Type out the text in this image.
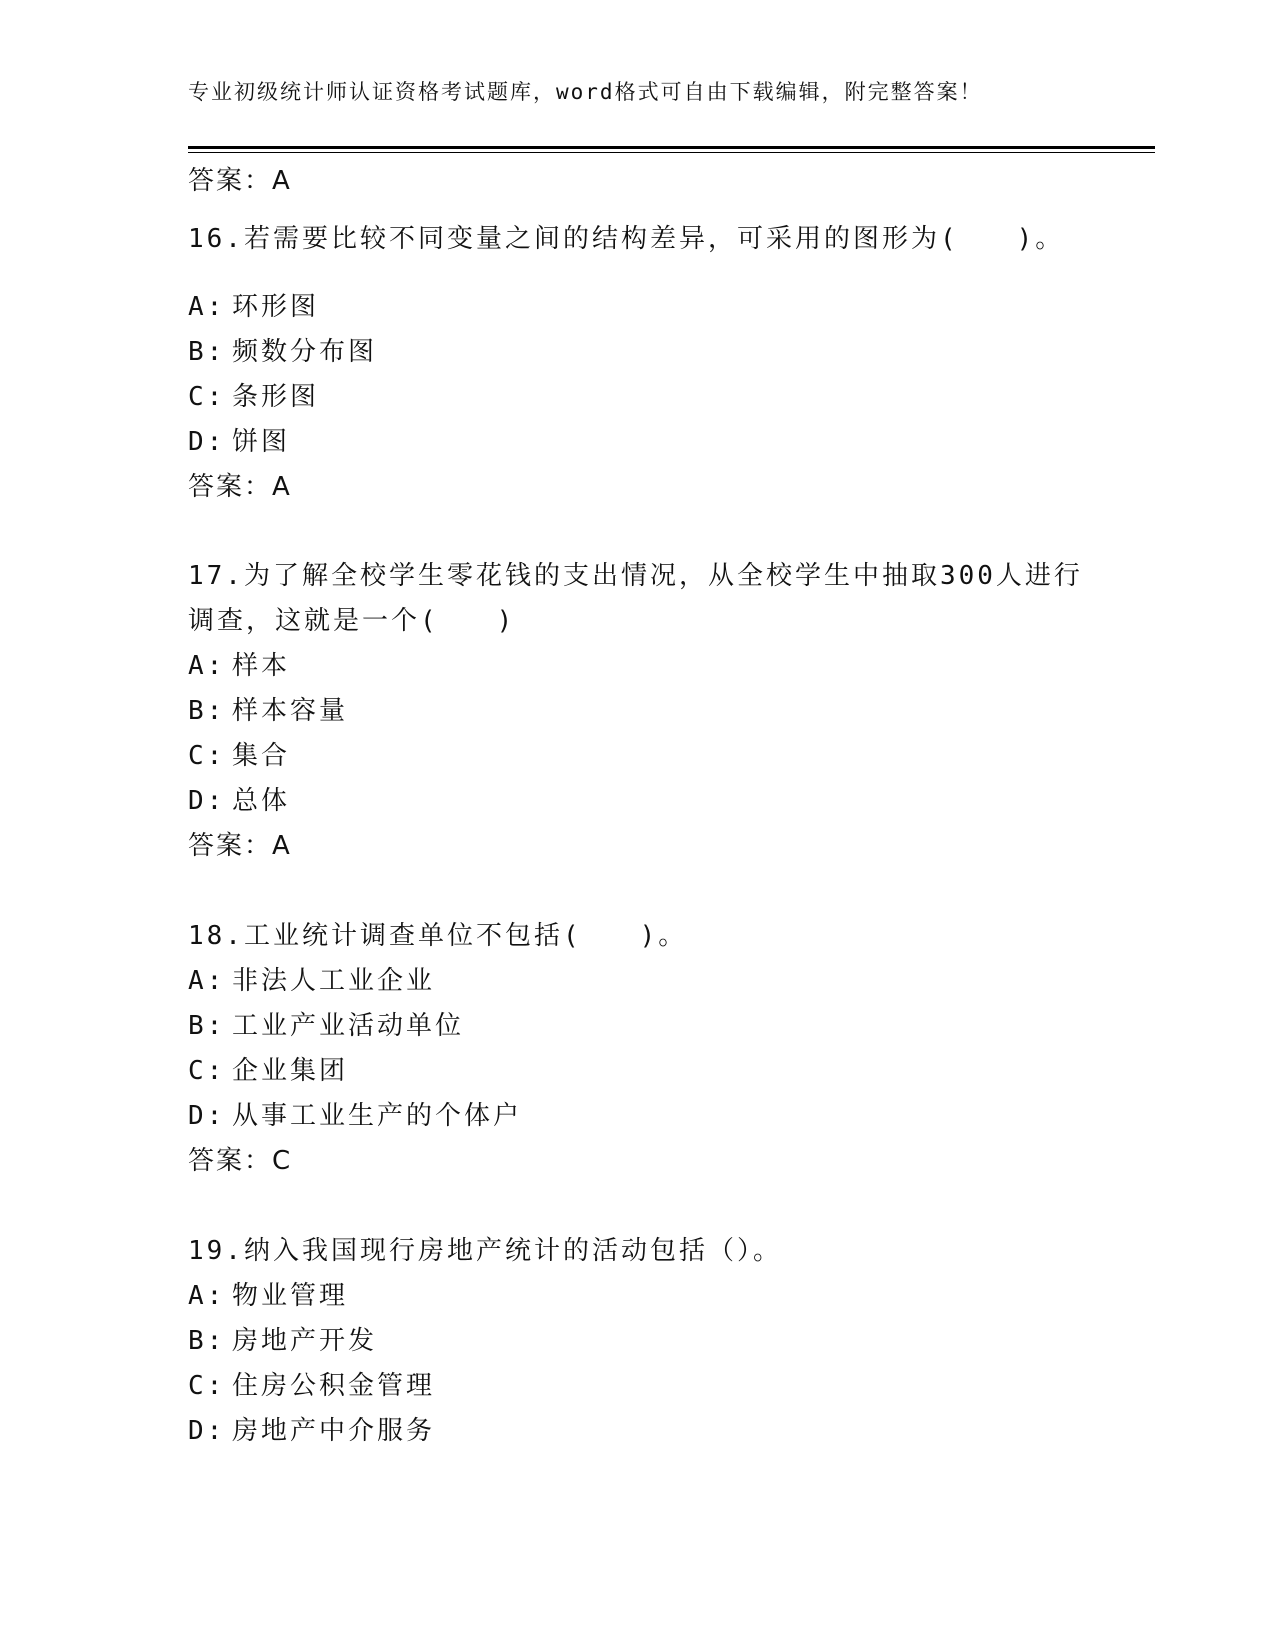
专业初级统计师认证资格考试题库，word格式可自由下载编辑，附完整答案！
答案：A
16.若需要比较不同变量之间的结构差异，可采用的图形为(　　)。
A: 环形图
B: 频数分布图
C: 条形图
D: 饼图
答案：A
17.为了解全校学生零花钱的支出情况，从全校学生中抽取300人进行
调查，这就是一个(　　)
A: 样本
B: 样本容量
C: 集合
D: 总体
答案：A
18.工业统计调查单位不包括(　　)。
A: 非法人工业企业
B: 工业产业活动单位
C: 企业集团
D: 从事工业生产的个体户
答案：C
19.纳入我国现行房地产统计的活动包括（）。
A: 物业管理
B: 房地产开发
C: 住房公积金管理
D: 房地产中介服务
